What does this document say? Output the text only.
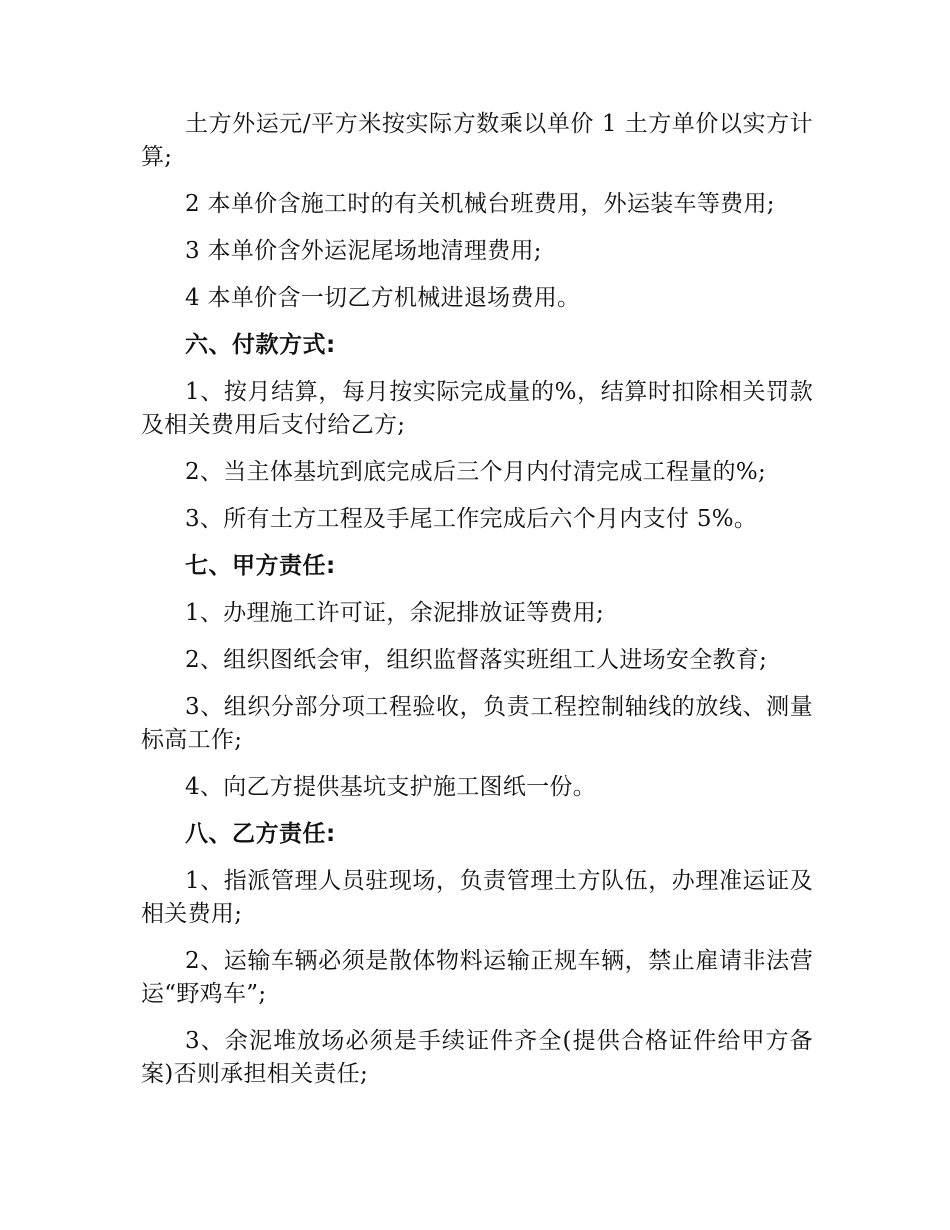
土方外运元/平方米按实际方数乘以单价 1 土方单价以实方计算;

2 本单价含施工时的有关机械台班费用，外运装车等费用;

3 本单价含外运泥尾场地清理费用;

4 本单价含一切乙方机械进退场费用。

六、付款方式:

1、按月结算，每月按实际完成量的%，结算时扣除相关罚款及相关费用后支付给乙方;

2、当主体基坑到底完成后三个月内付清完成工程量的%;

3、所有土方工程及手尾工作完成后六个月内支付 5%。

七、甲方责任:

1、办理施工许可证，余泥排放证等费用;

2、组织图纸会审，组织监督落实班组工人进场安全教育;

3、组织分部分项工程验收，负责工程控制轴线的放线、测量标高工作;

4、向乙方提供基坑支护施工图纸一份。

八、乙方责任:

1、指派管理人员驻现场，负责管理土方队伍，办理准运证及相关费用;

2、运输车辆必须是散体物料运输正规车辆，禁止雇请非法营运“野鸡车”;

3、余泥堆放场必须是手续证件齐全(提供合格证件给甲方备案)否则承担相关责任;
